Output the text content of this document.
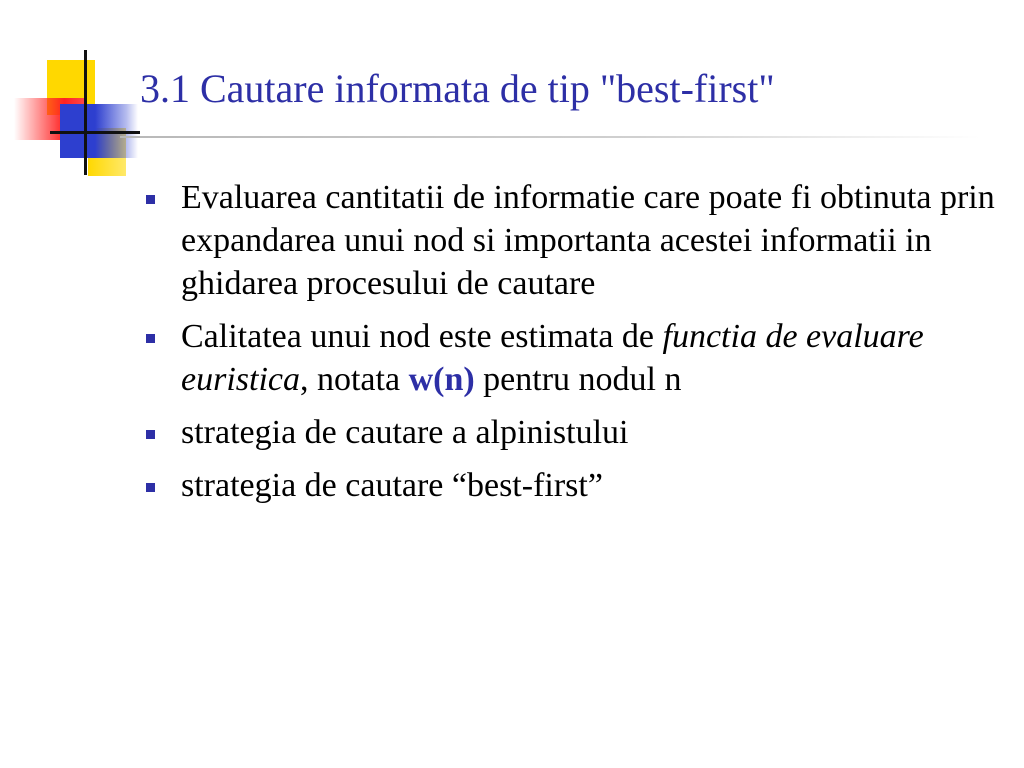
3.1 Cautare informata de tip "best-first"
Evaluarea cantitatii de informatie care poate fi obtinuta prin expandarea unui nod si importanta acestei informatii in ghidarea procesului de cautare
Calitatea unui nod este estimata de functia de evaluare euristica, notata w(n) pentru nodul n
strategia de cautare a alpinistului
strategia de cautare “best-first”
